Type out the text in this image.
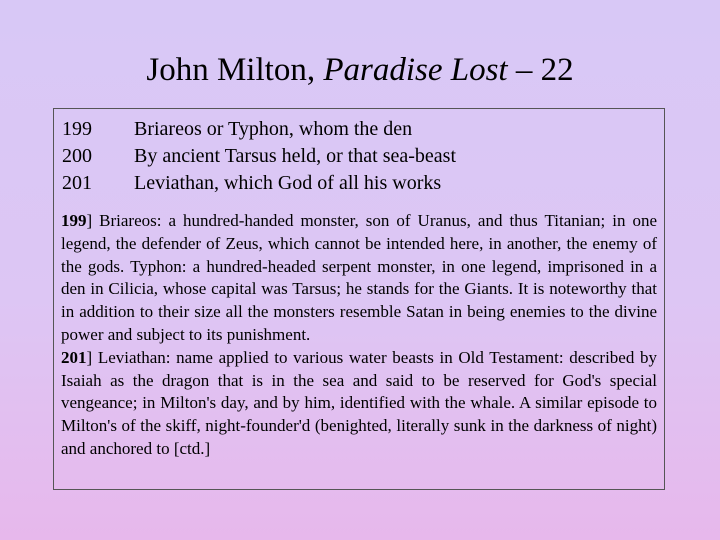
John Milton, Paradise Lost – 22
199	Briareos or Typhon, whom the den
200	By ancient Tarsus held, or that sea-beast
201	Leviathan, which God of all his works

199] Briareos: a hundred-handed monster, son of Uranus, and thus Titanian; in one legend, the defender of Zeus, which cannot be intended here, in another, the enemy of the gods. Typhon: a hundred-headed serpent monster, in one legend, imprisoned in a den in Cilicia, whose capital was Tarsus; he stands for the Giants. It is noteworthy that in addition to their size all the monsters resemble Satan in being enemies to the divine power and subject to its punishment.

201] Leviathan: name applied to various water beasts in Old Testament: described by Isaiah as the dragon that is in the sea and said to be reserved for God's special vengeance; in Milton's day, and by him, identified with the whale. A similar episode to Milton's of the skiff, night-founder'd (benighted, literally sunk in the darkness of night) and anchored to [ctd.]
